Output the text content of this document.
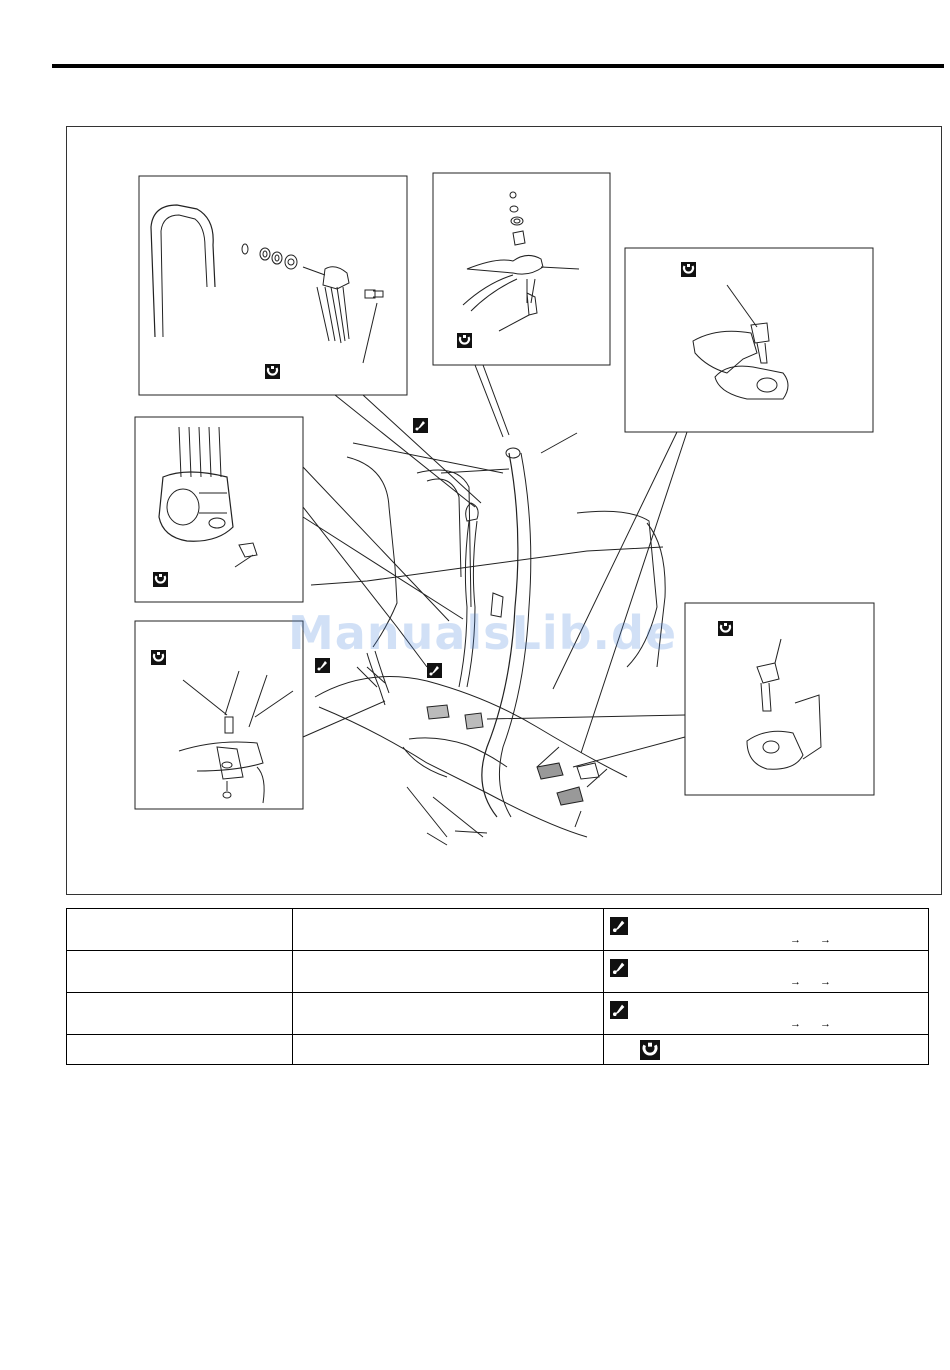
ManualsLib.de

		→ →

		→ →

		→ →
